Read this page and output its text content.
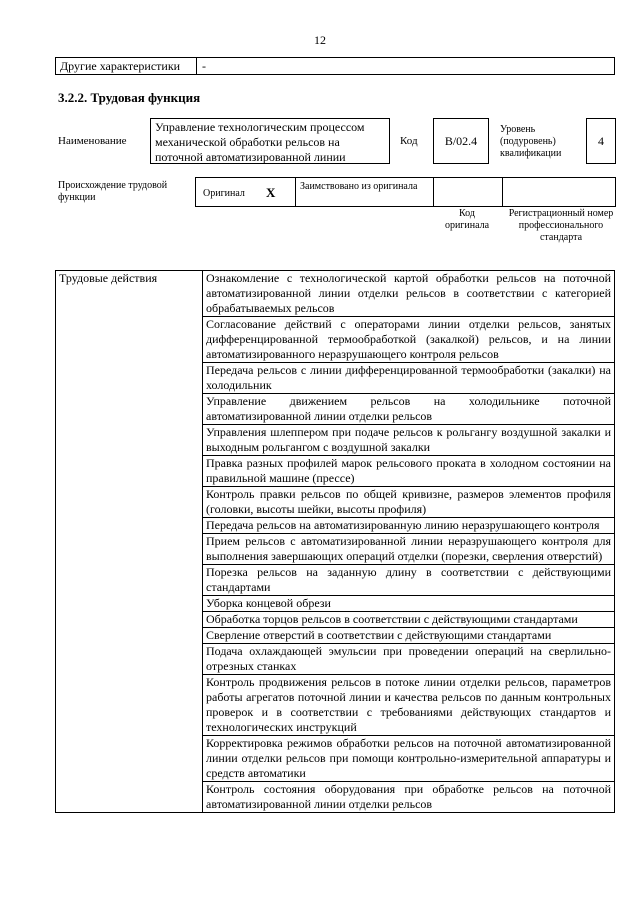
12
Другие характеристики -
3.2.2. Трудовая функция
Наименование
Управление технологическим процессом механической обработки рельсов на поточной автоматизированной линии
Код	B/02.4
Уровень (подуровень) квалификации
4
Происхождение трудовой функции	Оригинал X Заимствовано из оригинала
Код оригинала
Регистрационный номер профессионального стандарта
Трудовые действия	Ознакомление с технологической картой обработки рельсов на поточной автоматизированной линии отделки рельсов в соответствии с категорией обрабатываемых рельсов
Согласование действий с операторами линии отделки рельсов, занятых дифференцированной термообработкой (закалкой) рельсов, и на линии автоматизированного неразрушающего контроля рельсов
Передача рельсов с линии дифференцированной термообработки (закалки) на холодильник
Управление движением рельсов на холодильнике поточной автоматизированной линии отделки рельсов
Управления шлеппером при подаче рельсов к рольгангу воздушной закалки и выходным рольгангом с воздушной закалки
Правка разных профилей марок рельсового проката в холодном состоянии на правильной машине (прессе)
Контроль правки рельсов по общей кривизне, размеров элементов профиля (головки, высоты шейки, высоты профиля)
Передача рельсов на автоматизированную линию неразрушающего контроля
Прием рельсов с автоматизированной линии неразрушающего контроля для выполнения завершающих операций отделки (порезки, сверления отверстий)
Порезка рельсов на заданную длину в соответствии с действующими стандартами
Уборка концевой обрези
Обработка торцов рельсов в соответствии с действующими стандартами
Сверление отверстий в соответствии с действующими стандартами
Подача охлаждающей эмульсии при проведении операций на сверлильно-отрезных станках
Контроль продвижения рельсов в потоке линии отделки рельсов, параметров работы агрегатов поточной линии и качества рельсов по данным контрольных проверок и в соответствии с требованиями действующих стандартов и технологических инструкций
Корректировка режимов обработки рельсов на поточной автоматизированной линии отделки рельсов при помощи контрольно-измерительной аппаратуры и средств автоматики
Контроль состояния оборудования при обработке рельсов на поточной автоматизированной линии отделки рельсов
